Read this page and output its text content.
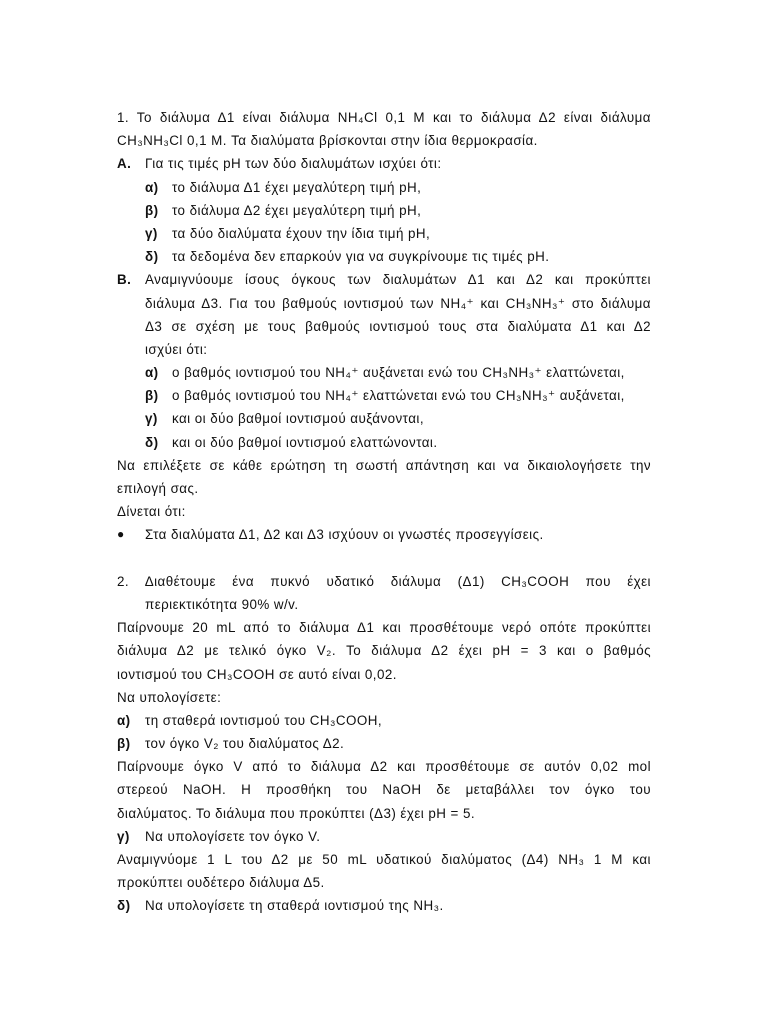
1. Το διάλυμα Δ1 είναι διάλυμα NH₄Cl 0,1 M και το διάλυμα Δ2 είναι διάλυμα
CH₃NH₃Cl 0,1 M. Τα διαλύματα βρίσκονται στην ίδια θερμοκρασία.
Α.	Για τις τιμές pH των δύο διαλυμάτων ισχύει ότι:
α)	το διάλυμα Δ1 έχει μεγαλύτερη τιμή pH,
β)	το διάλυμα Δ2 έχει μεγαλύτερη τιμή pH,
γ)	τα δύο διαλύματα έχουν την ίδια τιμή pH,
δ)	τα δεδομένα δεν επαρκούν για να συγκρίνουμε τις τιμές pH.
Β.	Αναμιγνύουμε ίσους όγκους των διαλυμάτων Δ1 και Δ2 και προκύπτει
διάλυμα Δ3. Για του βαθμούς ιοντισμού των NH₄⁺ και CH₃NH₃⁺ στο διάλυμα
Δ3 σε σχέση με τους βαθμούς ιοντισμού τους στα διαλύματα Δ1 και Δ2
ισχύει ότι:
α)	ο βαθμός ιοντισμού του NH₄⁺ αυξάνεται ενώ του CH₃NH₃⁺ ελαττώνεται,
β)	ο βαθμός ιοντισμού του NH₄⁺ ελαττώνεται ενώ του CH₃NH₃⁺ αυξάνεται,
γ)	και οι δύο βαθμοί ιοντισμού αυξάνονται,
δ)	και οι δύο βαθμοί ιοντισμού ελαττώνονται.
Να επιλέξετε σε κάθε ερώτηση τη σωστή απάντηση και να δικαιολογήσετε την
επιλογή σας.
Δίνεται ότι:
●	Στα διαλύματα Δ1, Δ2 και Δ3 ισχύουν οι γνωστές προσεγγίσεις.
2. Διαθέτουμε ένα πυκνό υδατικό διάλυμα (Δ1) CH₃COOH που έχει
περιεκτικότητα 90% w/v.
Παίρνουμε 20 mL από το διάλυμα Δ1 και προσθέτουμε νερό οπότε προκύπτει
διάλυμα Δ2 με τελικό όγκο V₂. Το διάλυμα Δ2 έχει pH = 3 και ο βαθμός
ιοντισμού του CH₃COOH σε αυτό είναι 0,02.
Να υπολογίσετε:
α) τη σταθερά ιοντισμού του CH₃COOH,
β) τον όγκο V₂ του διαλύματος Δ2.
Παίρνουμε όγκο V από το διάλυμα Δ2 και προσθέτουμε σε αυτόν 0,02 mol
στερεού NaOH. Η προσθήκη του NaOH δε μεταβάλλει τον όγκο του
διαλύματος. Το διάλυμα που προκύπτει (Δ3) έχει pH = 5.
γ) Να υπολογίσετε τον όγκο V.
Αναμιγνύομε 1 L του Δ2 με 50 mL υδατικού διαλύματος (Δ4) NH₃ 1 M και
προκύπτει ουδέτερο διάλυμα Δ5.
δ) Να υπολογίσετε τη σταθερά ιοντισμού της NH₃.
